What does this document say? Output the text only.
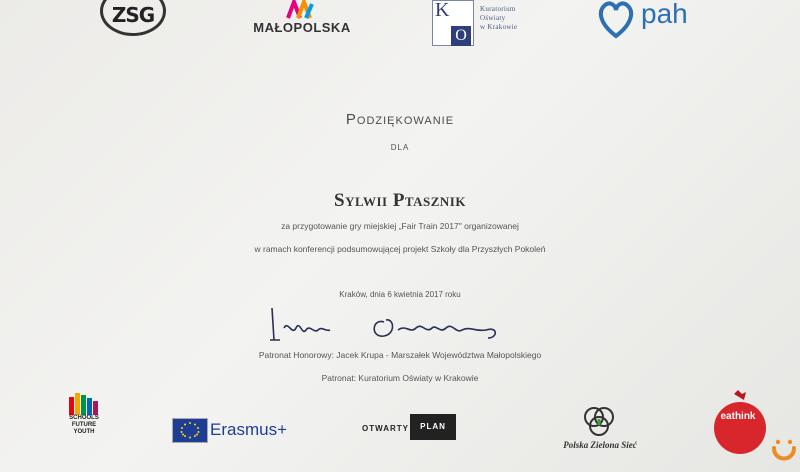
ZSG
MAŁOPOLSKA
K
O
Kuratorium
Oświaty
w Krakowie	pah
Podziękowanie
DLA
Sylwii Ptasznik
za przygotowanie gry miejskiej „Fair Train 2017" organizowanej
w ramach konferencji podsumowującej projekt Szkoły dla Przyszłych Pokoleń
Kraków, dnia 6 kwietnia 2017 roku
Patronat Honorowy: Jacek Krupa - Marszałek Województwa Małopolskiego
Patronat: Kuratorium Oświaty w Krakowie
SCHOOLS
FUTURE
YOUTH	Erasmus+	OTWARTY	PLAN
Polska Zielona Sieć
eathink
